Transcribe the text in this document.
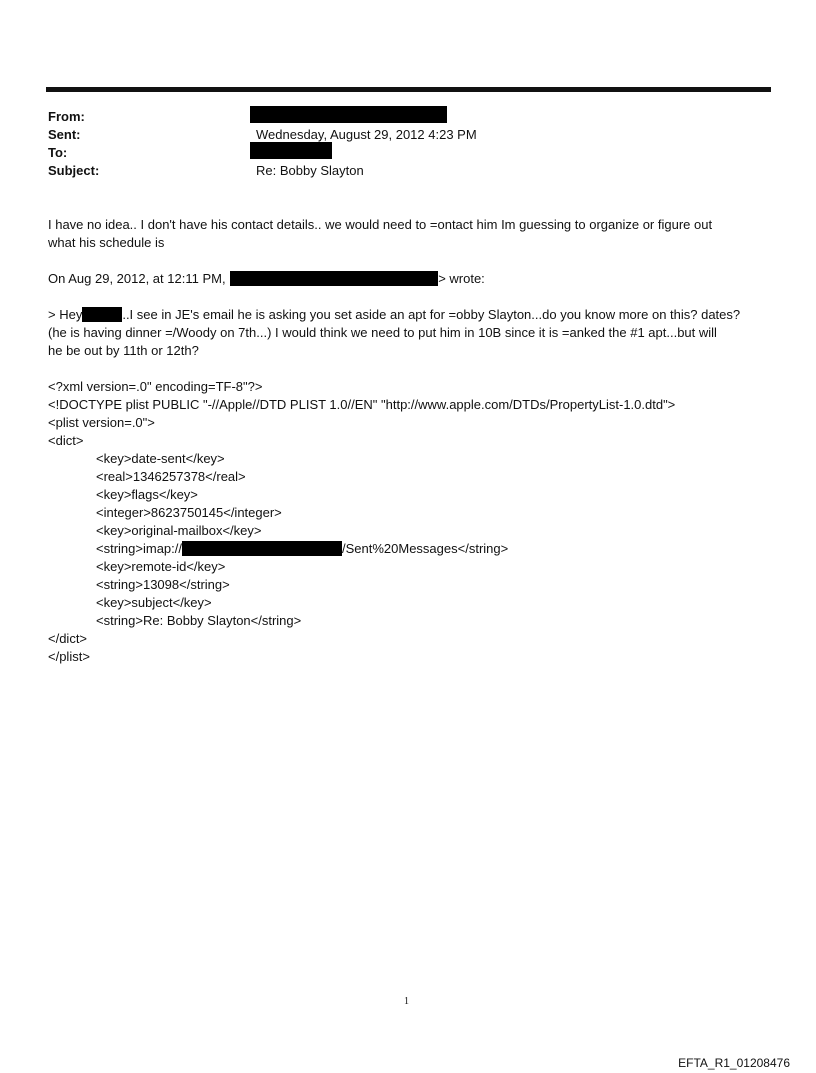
From:
Sent:	Wednesday, August 29, 2012 4:23 PM
To:
Subject:	Re: Bobby Slayton
I have no idea.. I don't have his contact details.. we would need to =ontact him Im guessing to organize or figure out
what his schedule is
On Aug 29, 2012, at 12:11 PM,	> wrote:
> Hey	..I see in JE's email he is asking you set aside an apt for =obby Slayton...do you know more on this? dates?
(he is having dinner =/Woody on 7th...) I would think we need to put him in 10B since it is =anked the #1 apt...but will
he be out by 11th or 12th?
<?xml version=.0" encoding=TF-8"?>
<!DOCTYPE plist PUBLIC "-//Apple//DTD PLIST 1.0//EN" "http://www.apple.com/DTDs/PropertyList-1.0.dtd">
<plist version=.0">
<dict>
<key>date-sent</key>
<real>1346257378</real>
<key>flags</key>
<integer>8623750145</integer>
<key>original-mailbox</key>
<string>imap://	/Sent%20Messages</string>
<key>remote-id</key>
<string>13098</string>
<key>subject</key>
<string>Re: Bobby Slayton</string>
</dict>
</plist>
1
EFTA_R1_01208476
